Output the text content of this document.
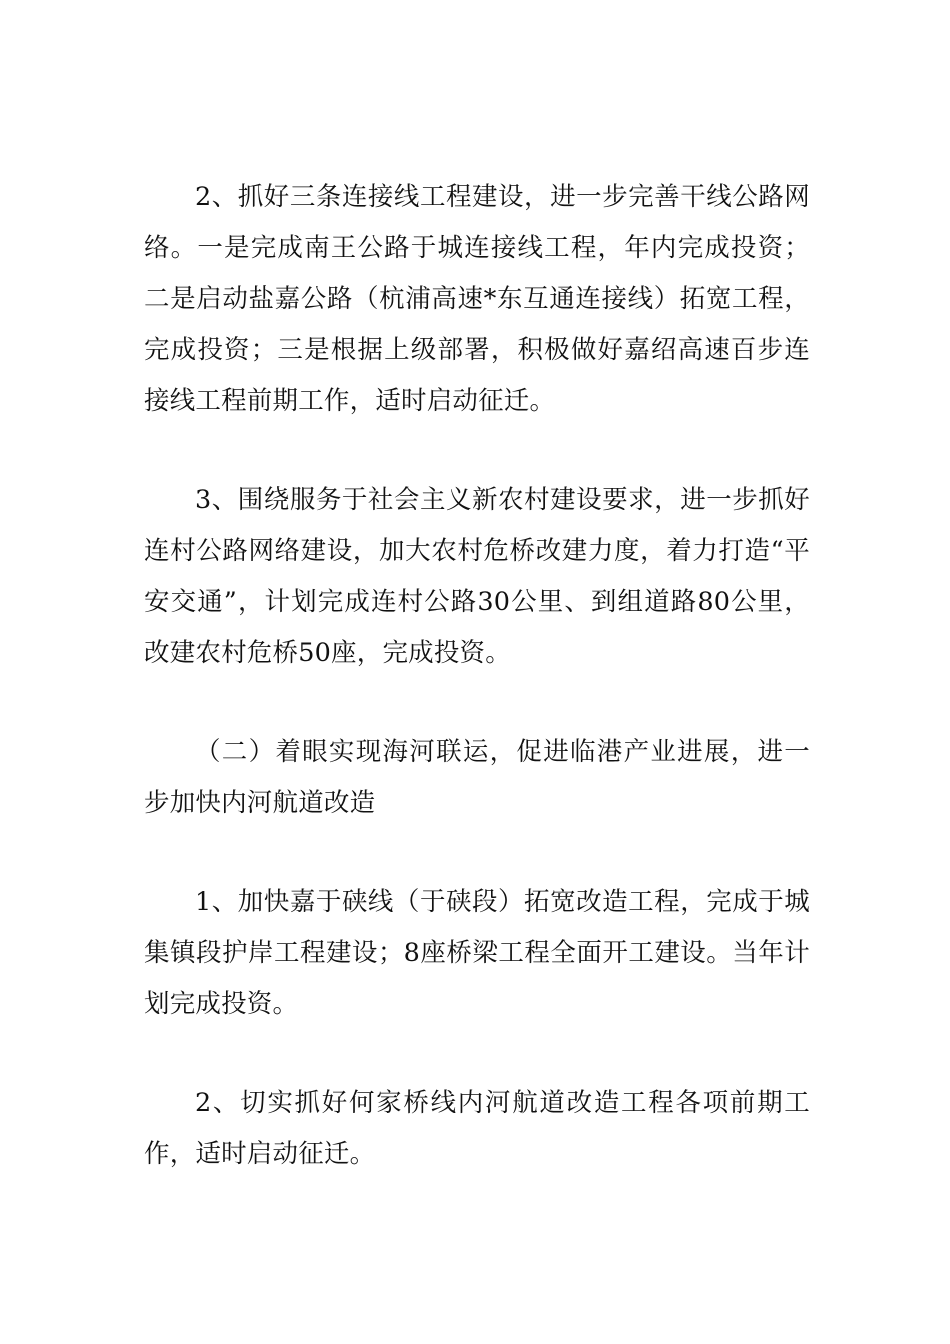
2、抓好三条连接线工程建设，进一步完善干线公路网络。一是完成南王公路于城连接线工程，年内完成投资；二是启动盐嘉公路（杭浦高速*东互通连接线）拓宽工程，完成投资；三是根据上级部署，积极做好嘉绍高速百步连接线工程前期工作，适时启动征迁。

3、围绕服务于社会主义新农村建设要求，进一步抓好连村公路网络建设，加大农村危桥改建力度，着力打造“平安交通”，计划完成连村公路30公里、到组道路80公里，改建农村危桥50座，完成投资。

（二）着眼实现海河联运，促进临港产业进展，进一步加快内河航道改造

1、加快嘉于硖线（于硖段）拓宽改造工程，完成于城集镇段护岸工程建设；8座桥梁工程全面开工建设。当年计划完成投资。

2、切实抓好何家桥线内河航道改造工程各项前期工作，适时启动征迁。
